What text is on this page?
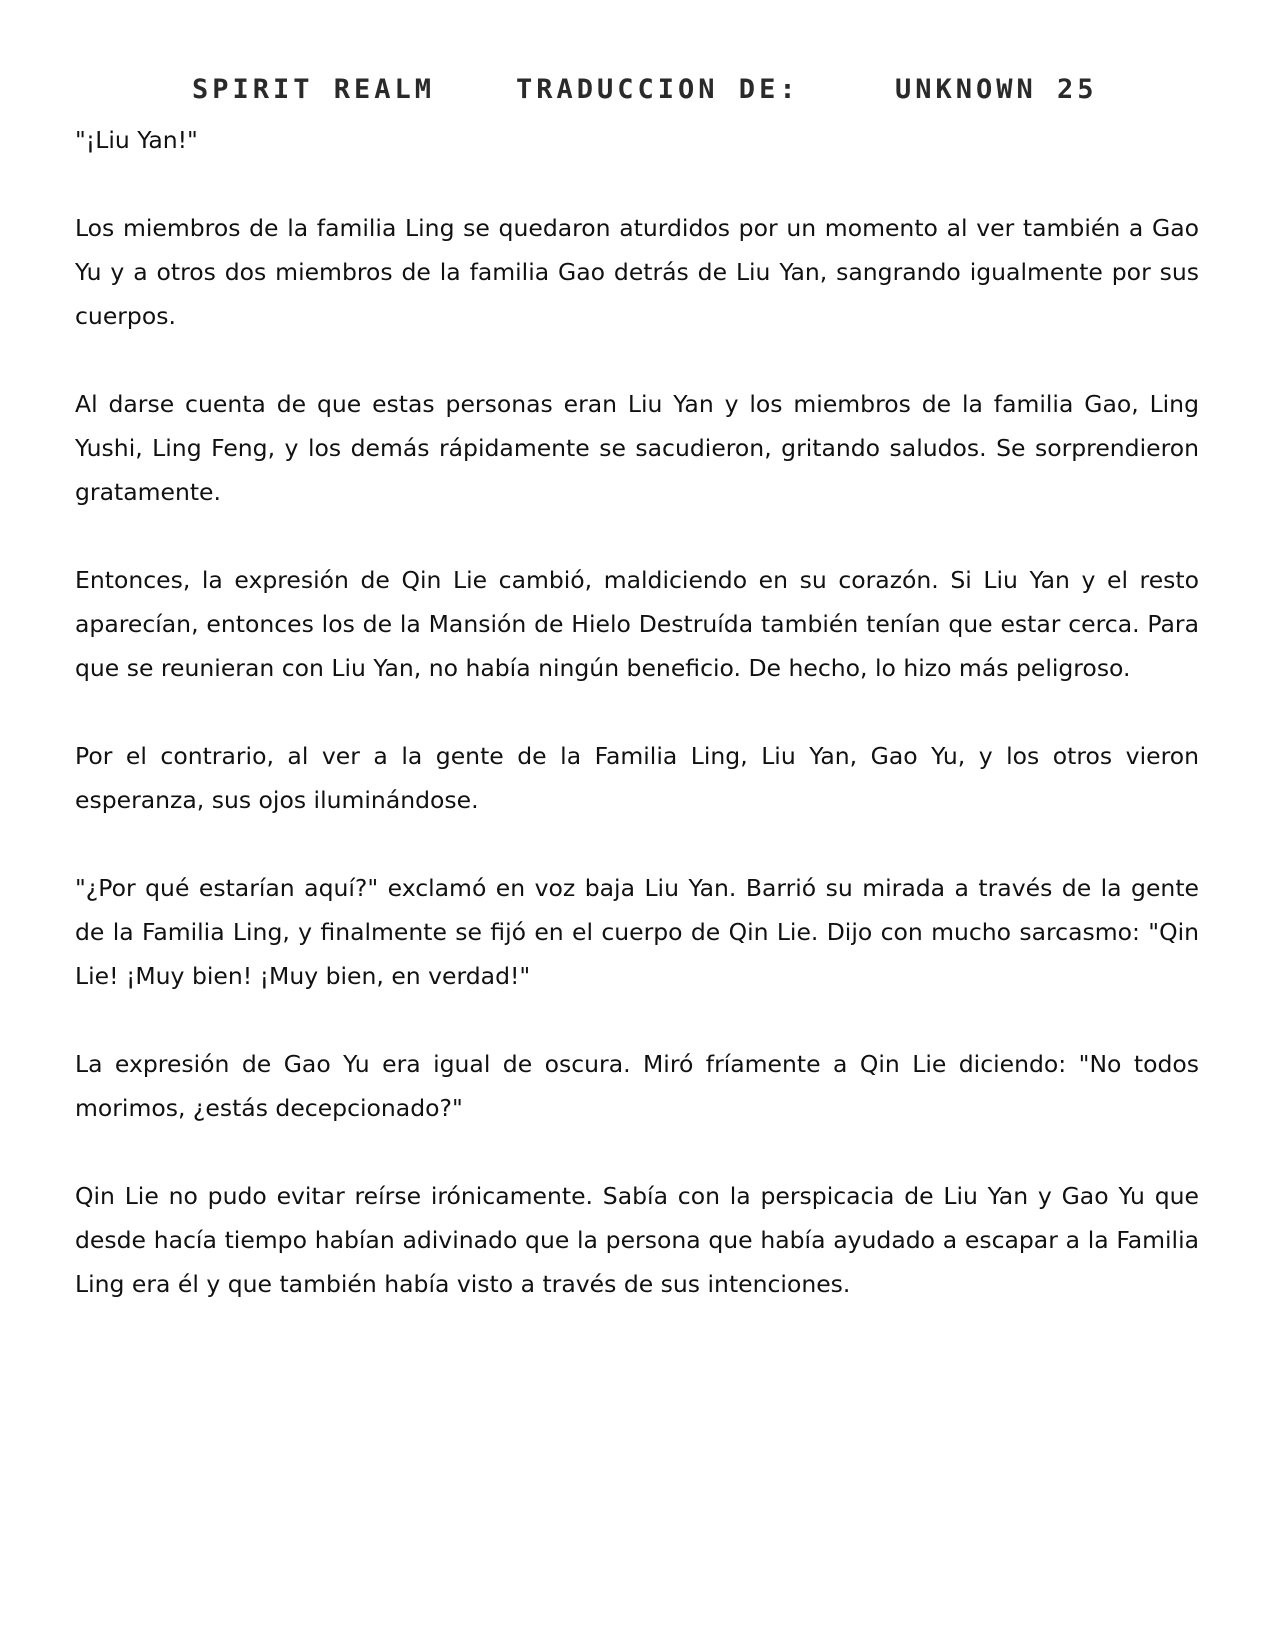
SPIRIT REALM	TRADUCCION DE:	UNKNOWN 25

"¡Liu Yan!"

Los miembros de la familia Ling se quedaron aturdidos por un momento al ver también a Gao Yu y a otros dos miembros de la familia Gao detrás de Liu Yan, sangrando igualmente por sus cuerpos.

Al darse cuenta de que estas personas eran Liu Yan y los miembros de la familia Gao, Ling Yushi, Ling Feng, y los demás rápidamente se sacudieron, gritando saludos. Se sorprendieron gratamente.

Entonces, la expresión de Qin Lie cambió, maldiciendo en su corazón. Si Liu Yan y el resto aparecían, entonces los de la Mansión de Hielo Destruída también tenían que estar cerca. Para que se reunieran con Liu Yan, no había ningún beneficio. De hecho, lo hizo más peligroso.

Por el contrario, al ver a la gente de la Familia Ling, Liu Yan, Gao Yu, y los otros vieron esperanza, sus ojos iluminándose.

"¿Por qué estarían aquí?" exclamó en voz baja Liu Yan. Barrió su mirada a través de la gente de la Familia Ling, y finalmente se fijó en el cuerpo de Qin Lie. Dijo con mucho sarcasmo: "Qin Lie! ¡Muy bien! ¡Muy bien, en verdad!"

La expresión de Gao Yu era igual de oscura. Miró fríamente a Qin Lie diciendo: "No todos morimos, ¿estás decepcionado?"

Qin Lie no pudo evitar reírse irónicamente. Sabía con la perspicacia de Liu Yan y Gao Yu que desde hacía tiempo habían adivinado que la persona que había ayudado a escapar a la Familia Ling era él y que también había visto a través de sus intenciones.
